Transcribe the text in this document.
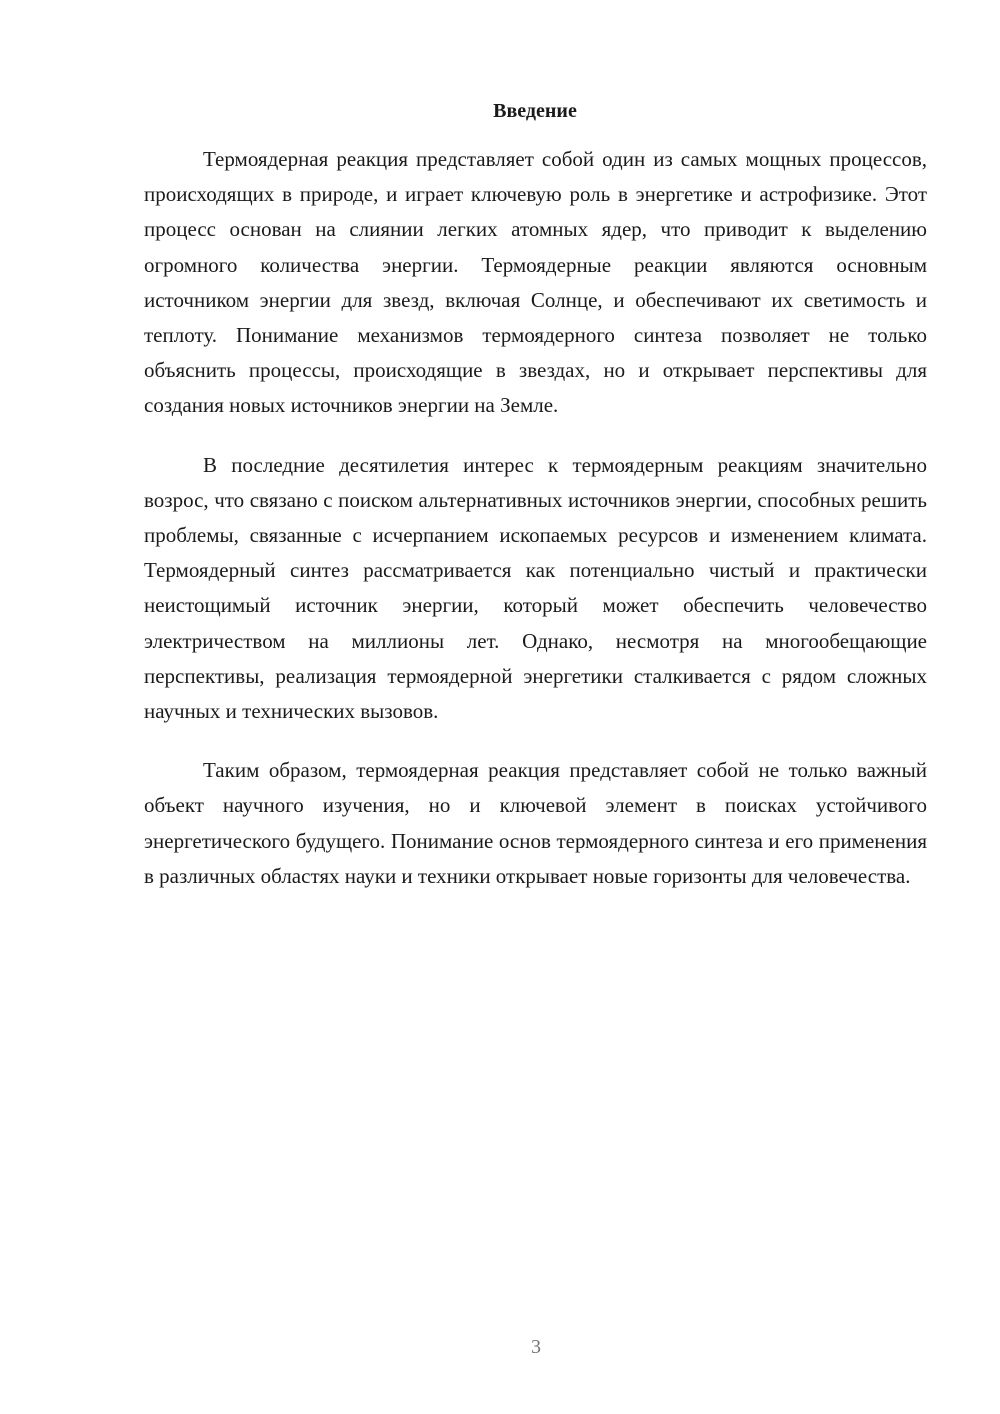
Введение

Термоядерная реакция представляет собой один из самых мощных процессов, происходящих в природе, и играет ключевую роль в энергетике и астрофизике. Этот процесс основан на слиянии легких атомных ядер, что приводит к выделению огромного количества энергии. Термоядерные реакции являются основным источником энергии для звезд, включая Солнце, и обеспечивают их светимость и теплоту. Понимание механизмов термоядерного синтеза позволяет не только объяснить процессы, происходящие в звездах, но и открывает перспективы для создания новых источников энергии на Земле.

В последние десятилетия интерес к термоядерным реакциям значительно возрос, что связано с поиском альтернативных источников энергии, способных решить проблемы, связанные с исчерпанием ископаемых ресурсов и изменением климата. Термоядерный синтез рассматривается как потенциально чистый и практически неистощимый источник энергии, который может обеспечить человечество электричеством на миллионы лет. Однако, несмотря на многообещающие перспективы, реализация термоядерной энергетики сталкивается с рядом сложных научных и технических вызовов.

Таким образом, термоядерная реакция представляет собой не только важный объект научного изучения, но и ключевой элемент в поисках устойчивого энергетического будущего. Понимание основ термоядерного синтеза и его применения в различных областях науки и техники открывает новые горизонты для человечества.

3
